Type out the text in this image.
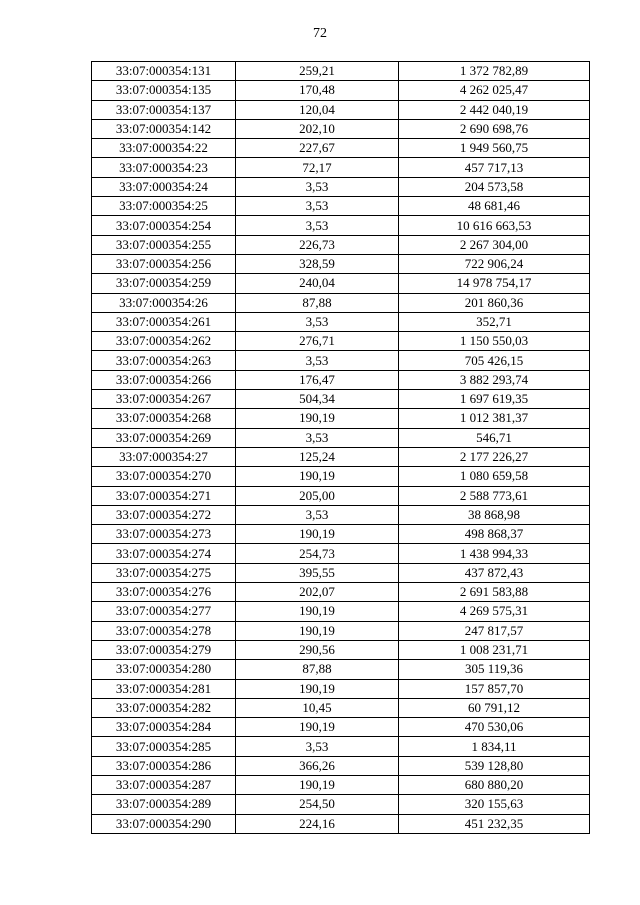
72
33:07:000354:131	259,21	1 372 782,89
33:07:000354:135	170,48	4 262 025,47
33:07:000354:137	120,04	2 442 040,19
33:07:000354:142	202,10	2 690 698,76
33:07:000354:22	227,67	1 949 560,75
33:07:000354:23	72,17	457 717,13
33:07:000354:24	3,53	204 573,58
33:07:000354:25	3,53	48 681,46
33:07:000354:254	3,53	10 616 663,53
33:07:000354:255	226,73	2 267 304,00
33:07:000354:256	328,59	722 906,24
33:07:000354:259	240,04	14 978 754,17
33:07:000354:26	87,88	201 860,36
33:07:000354:261	3,53	352,71
33:07:000354:262	276,71	1 150 550,03
33:07:000354:263	3,53	705 426,15
33:07:000354:266	176,47	3 882 293,74
33:07:000354:267	504,34	1 697 619,35
33:07:000354:268	190,19	1 012 381,37
33:07:000354:269	3,53	546,71
33:07:000354:27	125,24	2 177 226,27
33:07:000354:270	190,19	1 080 659,58
33:07:000354:271	205,00	2 588 773,61
33:07:000354:272	3,53	38 868,98
33:07:000354:273	190,19	498 868,37
33:07:000354:274	254,73	1 438 994,33
33:07:000354:275	395,55	437 872,43
33:07:000354:276	202,07	2 691 583,88
33:07:000354:277	190,19	4 269 575,31
33:07:000354:278	190,19	247 817,57
33:07:000354:279	290,56	1 008 231,71
33:07:000354:280	87,88	305 119,36
33:07:000354:281	190,19	157 857,70
33:07:000354:282	10,45	60 791,12
33:07:000354:284	190,19	470 530,06
33:07:000354:285	3,53	1 834,11
33:07:000354:286	366,26	539 128,80
33:07:000354:287	190,19	680 880,20
33:07:000354:289	254,50	320 155,63
33:07:000354:290	224,16	451 232,35
